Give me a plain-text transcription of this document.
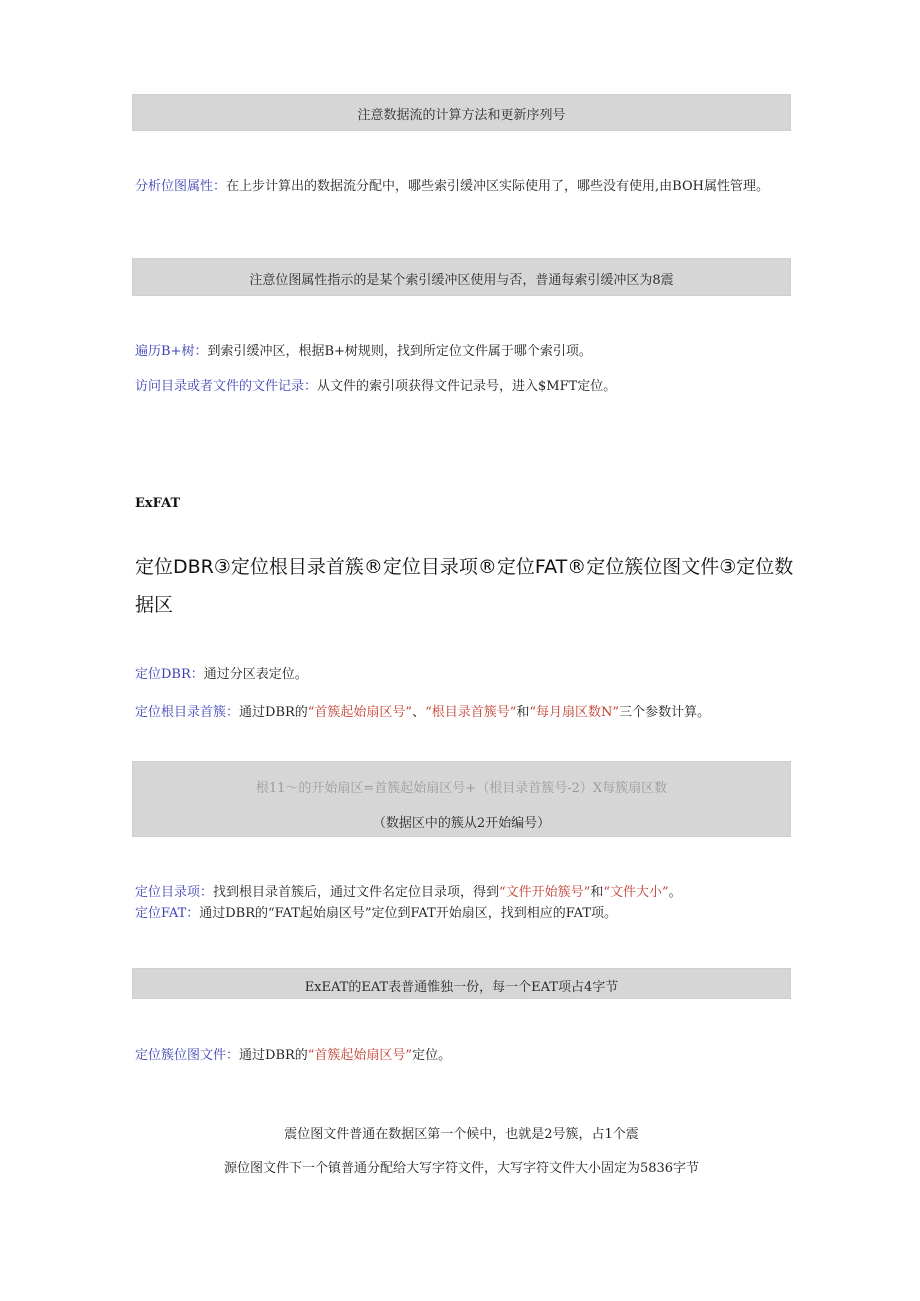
注意数据流的计算方法和更新序列号
分析位图属性：在上步计算出的数据流分配中，哪些索引缓冲区实际使用了，哪些没有使用,由BOH属性管理。
注意位图属性指示的是某个索引缓冲区使用与否，普通每索引缓冲区为8震
遍历B+树：到索引缓冲区，根据B+树规则，找到所定位文件属于哪个索引项。
访问目录或者文件的文件记录：从文件的索引项获得文件记录号，进入$MFT定位。
ExFAT
定位DBR③定位根目录首簇®定位目录项®定位FAT®定位簇位图文件③定位数据区
定位DBR：通过分区表定位。
定位根目录首簇：通过DBR的“首簇起始扇区号”、“根目录首簇号”和“每月扇区数N”三个参数计算。
根11～的开始扇区=首簇起始扇区号+（根目录首簇号-2）X每簇扇区数
（数据区中的簇从2开始编号）
定位目录项：找到根目录首簇后，通过文件名定位目录项，得到“文件开始簇号”和“文件大小”。
定位FAT：通过DBR的“FAT起始扇区号”定位到FAT开始扇区，找到相应的FAT项。
ExEAT的EAT表普通惟独一份，每一个EAT项占4字节
定位簇位图文件：通过DBR的“首簇起始扇区号”定位。
震位图文件普通在数据区第一个候中，也就是2号簇，占1个震
源位图文件下一个镇普通分配给大写字符文件，大写字符文件大小固定为5836字节
